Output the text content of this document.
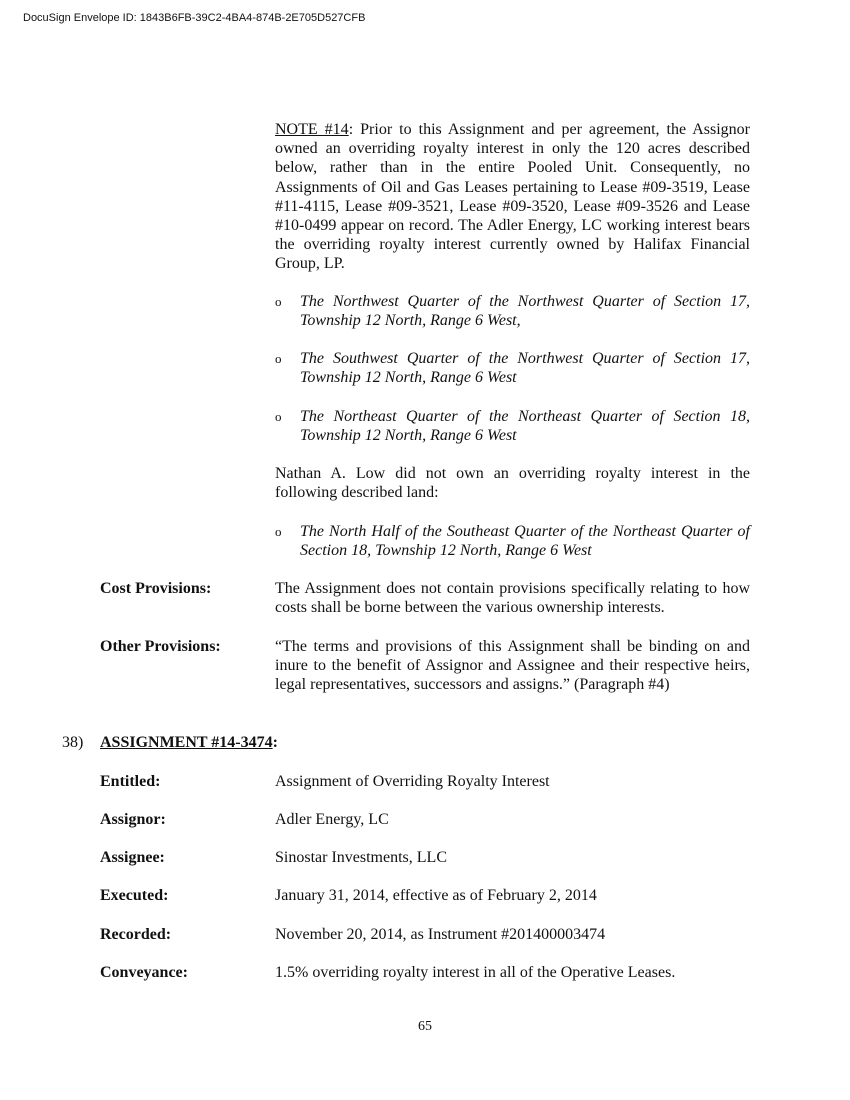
DocuSign Envelope ID: 1843B6FB-39C2-4BA4-874B-2E705D527CFB
NOTE #14: Prior to this Assignment and per agreement, the Assignor owned an overriding royalty interest in only the 120 acres described below, rather than in the entire Pooled Unit. Consequently, no Assignments of Oil and Gas Leases pertaining to Lease #09-3519, Lease #11-4115, Lease #09-3521, Lease #09-3520, Lease #09-3526 and Lease #10-0499 appear on record. The Adler Energy, LC working interest bears the overriding royalty interest currently owned by Halifax Financial Group, LP.
o The Northwest Quarter of the Northwest Quarter of Section 17, Township 12 North, Range 6 West,
o The Southwest Quarter of the Northwest Quarter of Section 17, Township 12 North, Range 6 West
o The Northeast Quarter of the Northeast Quarter of Section 18, Township 12 North, Range 6 West
Nathan A. Low did not own an overriding royalty interest in the following described land:
o The North Half of the Southeast Quarter of the Northeast Quarter of Section 18, Township 12 North, Range 6 West
Cost Provisions:	The Assignment does not contain provisions specifically relating to how costs shall be borne between the various ownership interests.
Other Provisions:	“The terms and provisions of this Assignment shall be binding on and inure to the benefit of Assignor and Assignee and their respective heirs, legal representatives, successors and assigns.” (Paragraph #4)
38) ASSIGNMENT #14-3474:
Entitled:	Assignment of Overriding Royalty Interest
Assignor:	Adler Energy, LC
Assignee:	Sinostar Investments, LLC
Executed:	January 31, 2014, effective as of February 2, 2014
Recorded:	November 20, 2014, as Instrument #201400003474
Conveyance:	1.5% overriding royalty interest in all of the Operative Leases.
65
